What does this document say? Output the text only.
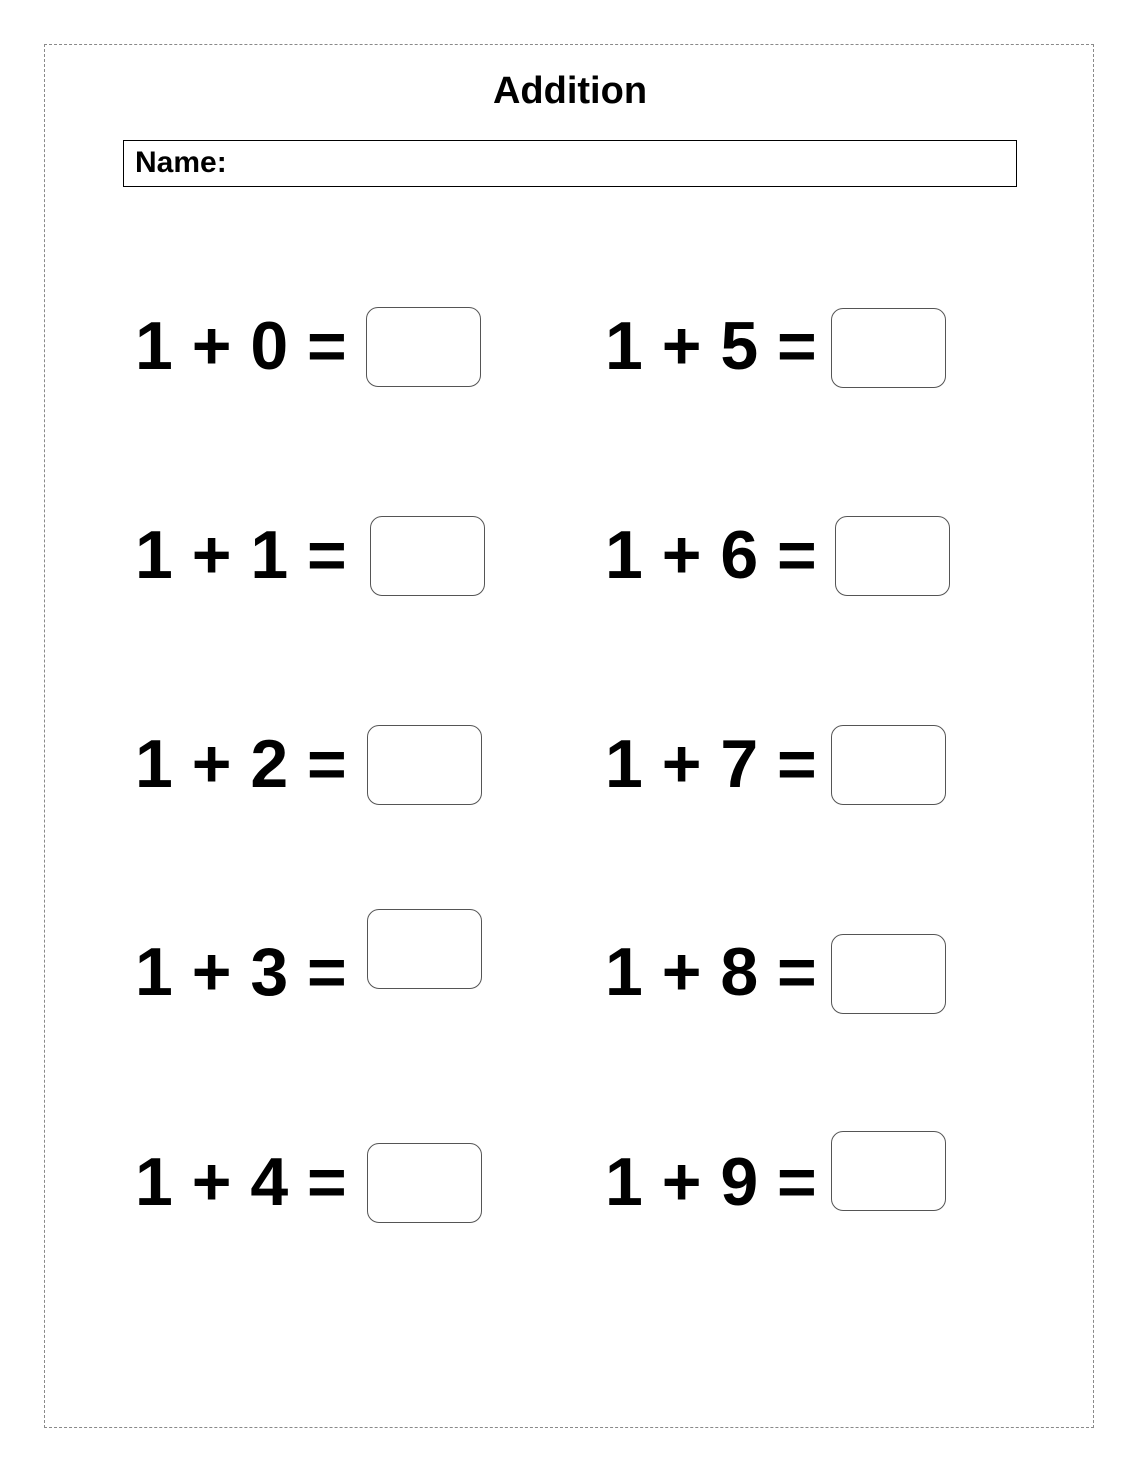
Addition
Name:
1 + 0 =
1 + 1 =
1 + 2 =
1 + 3 =
1 + 4 =
1 + 5 =
1 + 6 =
1 + 7 =
1 + 8 =
1 + 9 =
